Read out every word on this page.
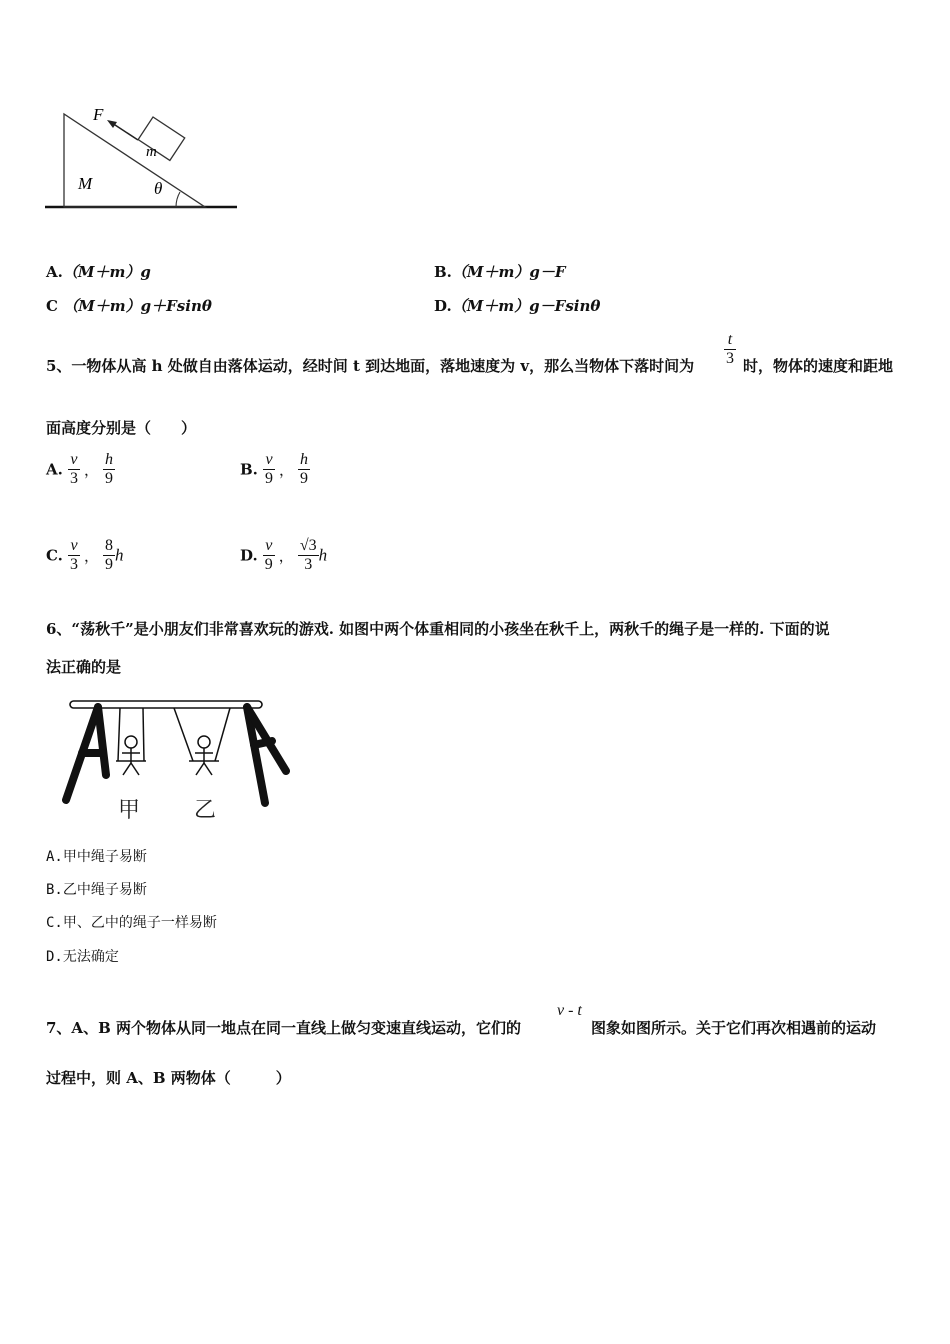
F
m
M	θ
A.（M＋m）g	B.（M＋m）g－F
C （M＋m）g＋Fsinθ	D.（M＋m）g－Fsinθ
5、一物体从高 h 处做自由落体运动，经时间 t 到达地面，落地速度为 v，那么当物体下落时间为 $\frac{t}{3}$ 时，物体的速度和距地
面高度分别是（　　）
A. $\frac{v}{3}$ ， $\frac{h}{9}$	B. $\frac{v}{9}$ ， $\frac{h}{9}$
C. $\frac{v}{3}$ ， $\frac{8}{9}$ h	D. $\frac{v}{9}$ ， $\frac{√3}{3}$ h
6、“荡秋千”是小朋友们非常喜欢玩的游戏. 如图中两个体重相同的小孩坐在秋千上，两秋千的绳子是一样的. 下面的说
法正确的是
甲 乙
A.甲中绳子易断
B.乙中绳子易断
C.甲、乙中的绳子一样易断
D.无法确定
7、A、B 两个物体从同一地点在同一直线上做匀变速直线运动，它们的
v - t
图象如图所示。关于它们再次相遇前的运动
过程中，则 A、B 两物体（　　　）
